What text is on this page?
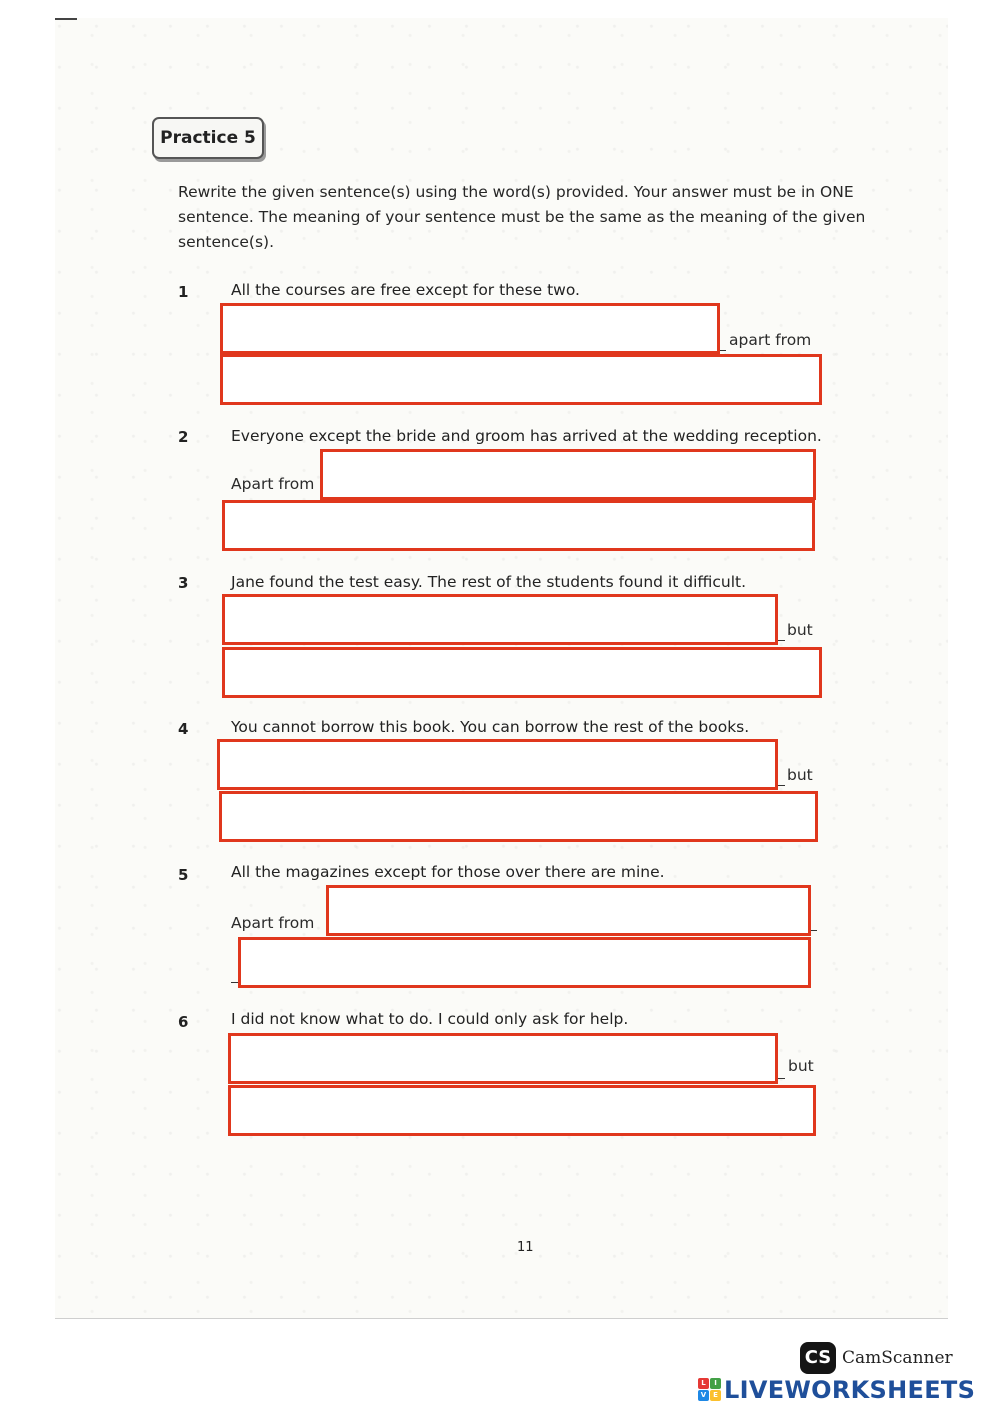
Practice 5

Rewrite the given sentence(s) using the word(s) provided. Your answer must be in ONE sentence. The meaning of your sentence must be the same as the meaning of the given sentence(s).

1	All the courses are free except for these two.
apart from
2	Everyone except the bride and groom has arrived at the wedding reception.
Apart from
3	Jane found the test easy. The rest of the students found it difficult.
but
4	You cannot borrow this book. You can borrow the rest of the books.
but
5	All the magazines except for those over there are mine.
Apart from
6	I did not know what to do. I could only ask for help.
but
11
CS CamScanner
L	I
V E LIVEWORKSHEETS
